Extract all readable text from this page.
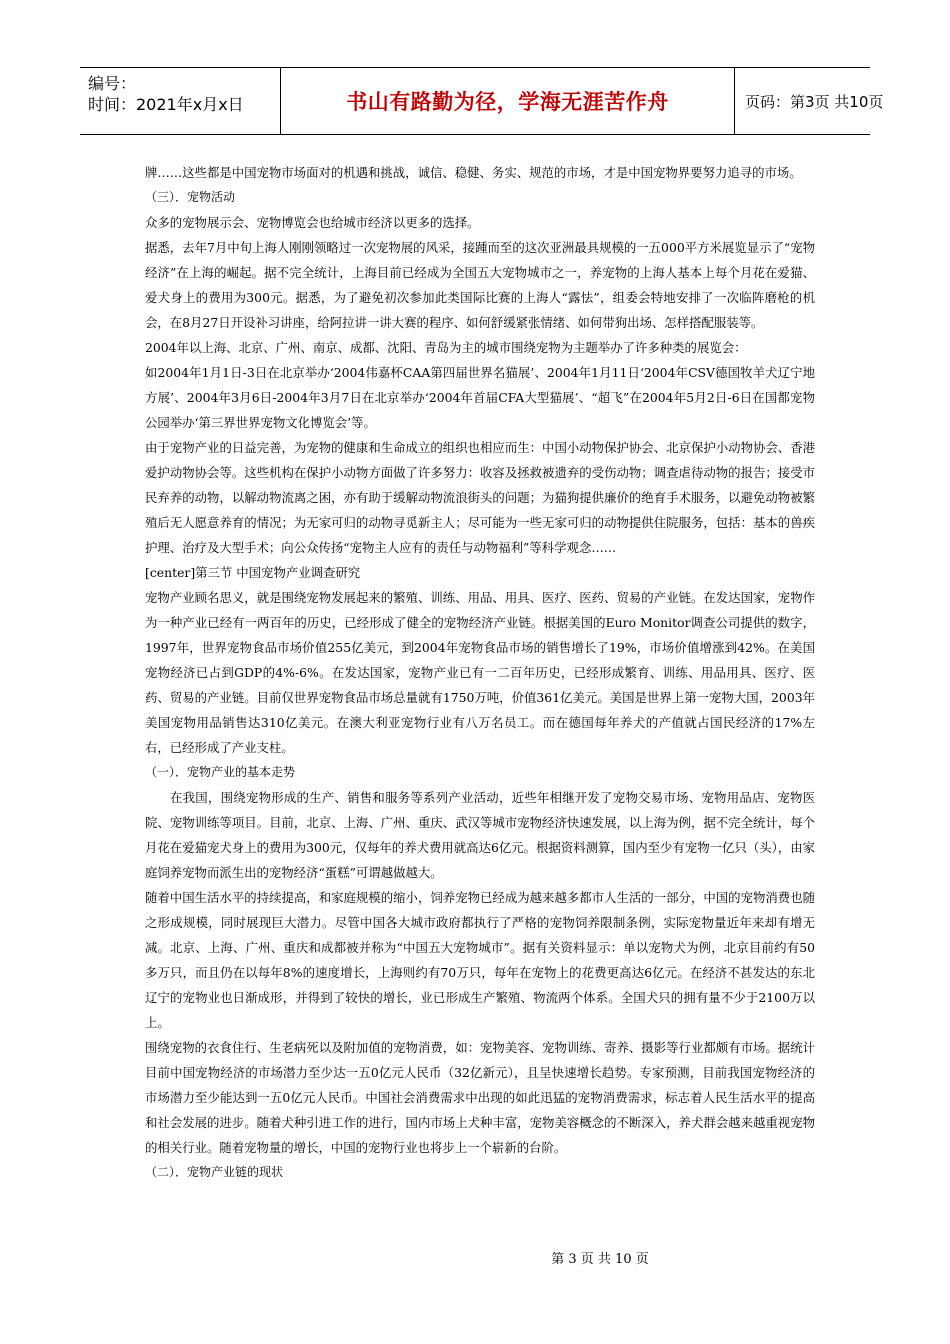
编号：
时间：2021年x月x日	书山有路勤为径，学海无涯苦作舟	页码：第3页 共10页

牌……这些都是中国宠物市场面对的机遇和挑战，诚信、稳健、务实、规范的市场，才是中国宠物界要努力追寻的市场。

（三）．宠物活动

众多的宠物展示会、宠物博览会也给城市经济以更多的选择。

据悉，去年7月中旬上海人刚刚领略过一次宠物展的风采，接踵而至的这次亚洲最具规模的一五000平方米展览显示了“宠物经济”在上海的崛起。据不完全统计，上海目前已经成为全国五大宠物城市之一，养宠物的上海人基本上每个月花在爱猫、爱犬身上的费用为300元。据悉，为了避免初次参加此类国际比赛的上海人“露怯”，组委会特地安排了一次临阵磨枪的机会，在8月27日开设补习讲座，给阿拉讲一讲大赛的程序、如何舒缓紧张情绪、如何带狗出场、怎样搭配服装等。

2004年以上海、北京、广州、南京、成都、沈阳、青岛为主的城市围绕宠物为主题举办了许多种类的展览会：

如2004年1月1日-3日在北京举办‘2004伟嘉杯CAA第四届世界名猫展’、2004年1月11日‘2004年CSV德国牧羊犬辽宁地方展’、2004年3月6日-2004年3月7日在北京举办‘2004年首届CFA大型猫展’、“超飞”在2004年5月2日-6日在国都宠物公园举办‘第三界世界宠物文化博览会’等。

由于宠物产业的日益完善，为宠物的健康和生命成立的组织也相应而生：中国小动物保护协会、北京保护小动物协会、香港爱护动物协会等。这些机构在保护小动物方面做了许多努力：收容及拯救被遗弃的受伤动物；调查虐待动物的报告；接受市民弃养的动物，以解动物流离之困，亦有助于缓解动物流浪街头的问题；为猫狗提供廉价的绝育手术服务，以避免动物被繁殖后无人愿意养育的情况；为无家可归的动物寻觅新主人；尽可能为一些无家可归的动物提供住院服务，包括：基本的兽疾护理、治疗及大型手术；向公众传扬“宠物主人应有的责任与动物福利”等科学观念……

[center]第三节 中国宠物产业调查研究

宠物产业顾名思义，就是围绕宠物发展起来的繁殖、训练、用品、用具、医疗、医药、贸易的产业链。在发达国家，宠物作为一种产业已经有一两百年的历史，已经形成了健全的宠物经济产业链。根据美国的Euro Monitor调查公司提供的数字，1997年，世界宠物食品市场价值255亿美元，到2004年宠物食品市场的销售增长了19%，市场价值增涨到42%。在美国宠物经济已占到GDP的4%-6%。在发达国家，宠物产业已有一二百年历史，已经形成繁育、训练、用品用具、医疗、医药、贸易的产业链。目前仅世界宠物食品市场总量就有1750万吨，价值361亿美元。美国是世界上第一宠物大国，2003年美国宠物用品销售达310亿美元。在澳大利亚宠物行业有八万名员工。而在德国每年养犬的产值就占国民经济的17%左右，已经形成了产业支柱。

（一）．宠物产业的基本走势

在我国，围绕宠物形成的生产、销售和服务等系列产业活动，近些年相继开发了宠物交易市场、宠物用品店、宠物医院、宠物训练等项目。目前，北京、上海、广州、重庆、武汉等城市宠物经济快速发展，以上海为例，据不完全统计，每个月花在爱猫宠犬身上的费用为300元，仅每年的养犬费用就高达6亿元。根据资料测算，国内至少有宠物一亿只（头），由家庭饲养宠物而派生出的宠物经济“蛋糕”可谓越做越大。

随着中国生活水平的持续提高，和家庭规模的缩小，饲养宠物已经成为越来越多都市人生活的一部分，中国的宠物消费也随之形成规模，同时展现巨大潜力。尽管中国各大城市政府都执行了严格的宠物饲养限制条例，实际宠物量近年来却有增无减。北京、上海、广州、重庆和成都被并称为“中国五大宠物城市”。据有关资料显示：单以宠物犬为例，北京目前约有50多万只，而且仍在以每年8%的速度增长，上海则约有70万只，每年在宠物上的花费更高达6亿元。在经济不甚发达的东北辽宁的宠物业也日渐成形，并得到了较快的增长，业已形成生产繁殖、物流两个体系。全国犬只的拥有量不少于2100万以上。

围绕宠物的衣食住行、生老病死以及附加值的宠物消费，如：宠物美容、宠物训练、寄养、摄影等行业都颇有市场。据统计目前中国宠物经济的市场潜力至少达一五0亿元人民币（32亿新元），且呈快速增长趋势。专家预测，目前我国宠物经济的市场潜力至少能达到一五0亿元人民币。中国社会消费需求中出现的如此迅猛的宠物消费需求，标志着人民生活水平的提高和社会发展的进步。随着犬种引进工作的进行，国内市场上犬种丰富，宠物美容概念的不断深入，养犬群会越来越重视宠物的相关行业。随着宠物量的增长，中国的宠物行业也将步上一个崭新的台阶。

（二）．宠物产业链的现状

第 3 页 共 10 页
